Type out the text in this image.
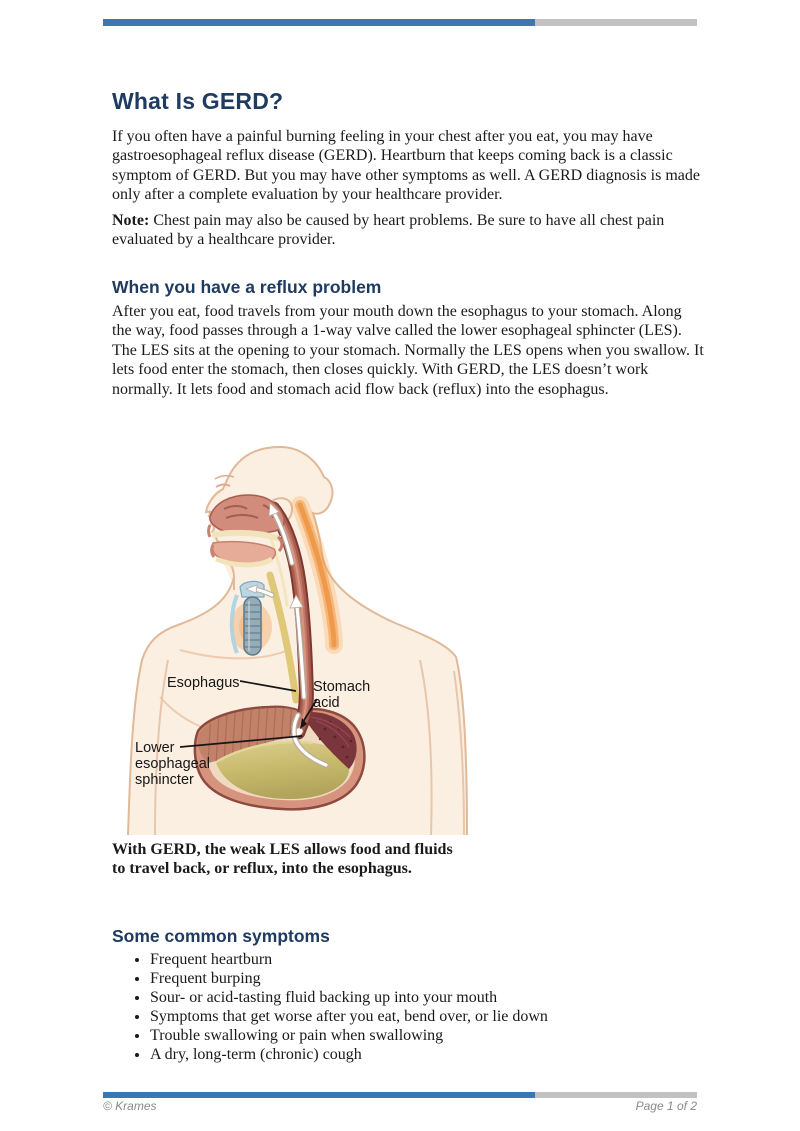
What Is GERD?

If you often have a painful burning feeling in your chest after you eat, you may have gastroesophageal reflux disease (GERD). Heartburn that keeps coming back is a classic symptom of GERD. But you may have other symptoms as well. A GERD diagnosis is made only after a complete evaluation by your healthcare provider.

Note: Chest pain may also be caused by heart problems. Be sure to have all chest pain evaluated by a healthcare provider.

When you have a reflux problem

After you eat, food travels from your mouth down the esophagus to your stomach. Along the way, food passes through a 1-way valve called the lower esophageal sphincter (LES). The LES sits at the opening to your stomach. Normally the LES opens when you swallow. It lets food enter the stomach, then closes quickly. With GERD, the LES doesn’t work normally. It lets food and stomach acid flow back (reflux) into the esophagus.

Esophagus	Stomach
acid
Lower
esophageal
sphincter

With GERD, the weak LES allows food and fluids to travel back, or reflux, into the esophagus.

Some common symptoms
• Frequent heartburn
• Frequent burping
• Sour- or acid-tasting fluid backing up into your mouth
• Symptoms that get worse after you eat, bend over, or lie down
• Trouble swallowing or pain when swallowing
• A dry, long-term (chronic) cough
© Krames	Page 1 of 2
